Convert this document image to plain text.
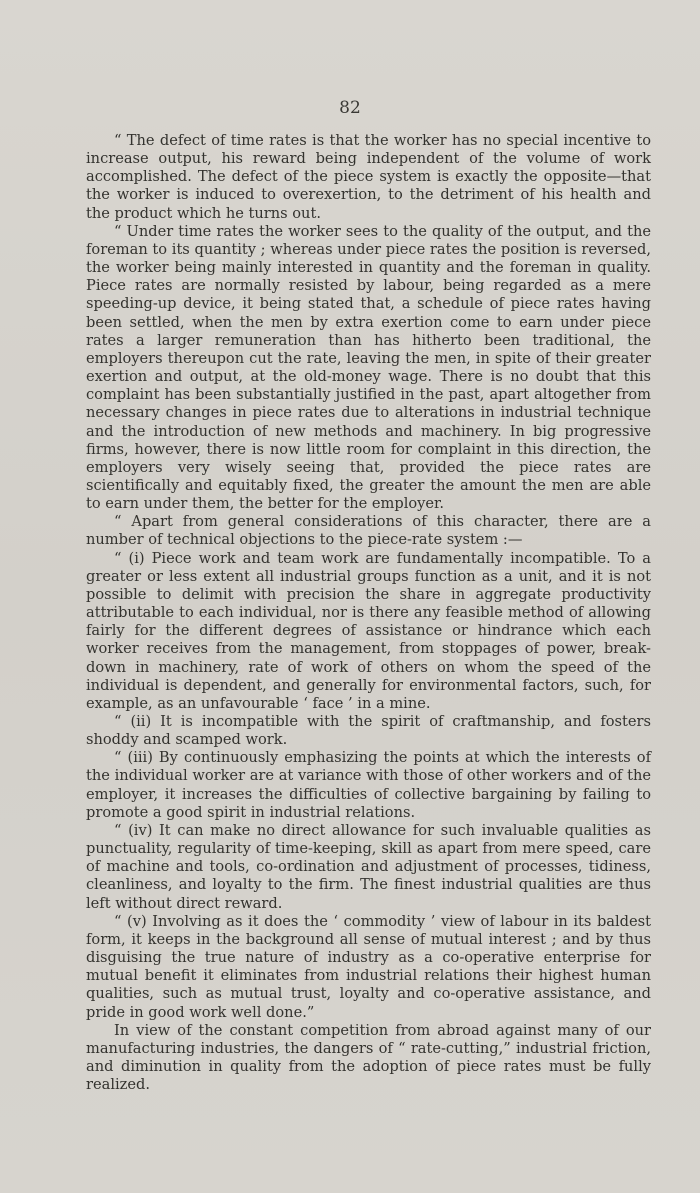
82

“ The defect of time rates is that the worker has no special incentive to increase output, his reward being independent of the volume of work accomplished. The defect of the piece system is exactly the opposite—that the worker is induced to overexertion, to the detriment of his health and the product which he turns out.

“ Under time rates the worker sees to the quality of the output, and the foreman to its quantity ; whereas under piece rates the position is reversed, the worker being mainly interested in quantity and the foreman in quality. Piece rates are normally resisted by labour, being regarded as a mere speeding-up device, it being stated that, a schedule of piece rates having been settled, when the men by extra exertion come to earn under piece rates a larger remuneration than has hitherto been traditional, the employers thereupon cut the rate, leaving the men, in spite of their greater exertion and output, at the old-money wage. There is no doubt that this complaint has been substantially justified in the past, apart altogether from necessary changes in piece rates due to alterations in industrial technique and the introduction of new methods and machinery. In big progressive firms, however, there is now little room for complaint in this direction, the employers very wisely seeing that, provided the piece rates are scientifically and equitably fixed, the greater the amount the men are able to earn under them, the better for the employer.

“ Apart from general considerations of this character, there are a number of technical objections to the piece-rate system :—

“ (i) Piece work and team work are fundamentally incompatible. To a greater or less extent all industrial groups function as a unit, and it is not possible to delimit with precision the share in aggregate productivity attributable to each individual, nor is there any feasible method of allowing fairly for the different degrees of assistance or hindrance which each worker receives from the management, from stoppages of power, break-down in machinery, rate of work of others on whom the speed of the individual is dependent, and generally for environmental factors, such, for example, as an unfavourable ‘ face ’ in a mine.

“ (ii) It is incompatible with the spirit of craftmanship, and fosters shoddy and scamped work.

“ (iii) By continuously emphasizing the points at which the interests of the individual worker are at variance with those of other workers and of the employer, it increases the difficulties of collective bargaining by failing to promote a good spirit in industrial relations.

“ (iv) It can make no direct allowance for such invaluable qualities as punctuality, regularity of time-keeping, skill as apart from mere speed, care of machine and tools, co-ordination and adjustment of processes, tidiness, cleanliness, and loyalty to the firm. The finest industrial qualities are thus left without direct reward.

“ (v) Involving as it does the ‘ commodity ’ view of labour in its baldest form, it keeps in the background all sense of mutual interest ; and by thus disguising the true nature of industry as a co-operative enterprise for mutual benefit it eliminates from industrial relations their highest human qualities, such as mutual trust, loyalty and co-operative assistance, and pride in good work well done.”

In view of the constant competition from abroad against many of our manufacturing industries, the dangers of “ rate-cutting,” industrial friction, and diminution in quality from the adoption of piece rates must be fully realized.
